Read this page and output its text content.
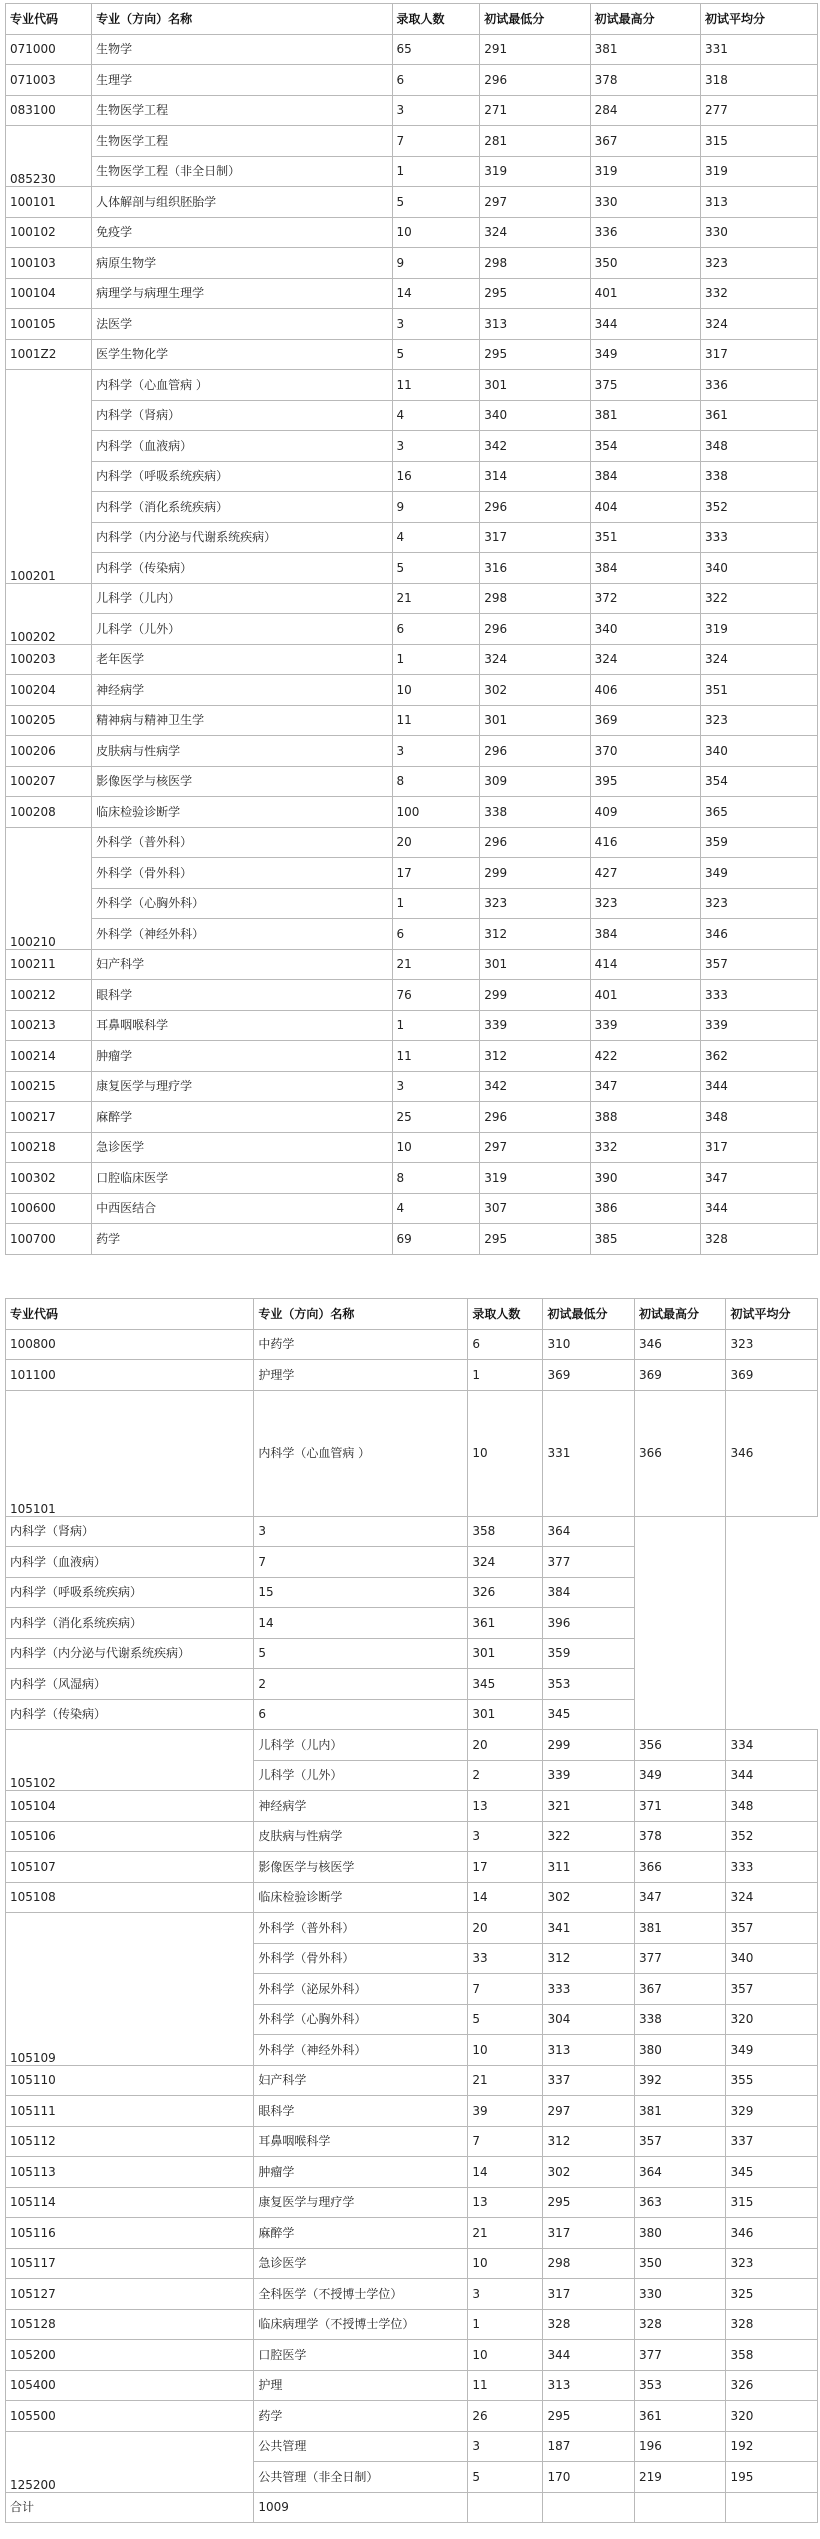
专业代码	专业（方向）名称	录取人数	初试最低分	初试最高分	初试平均分
071000	生物学	65	291	381	331
071003	生理学	6	296	378	318
083100	生物医学工程	3	271	284	277
085230	生物医学工程	7	281	367	315
	生物医学工程（非全日制）	1	319	319	319
100101	人体解剖与组织胚胎学	5	297	330	313
100102	免疫学	10	324	336	330
100103	病原生物学	9	298	350	323
100104	病理学与病理生理学	14	295	401	332
100105	法医学	3	313	344	324
1001Z2	医学生物化学	5	295	349	317
100201	内科学（心血管病 ）	11	301	375	336
	内科学（肾病）	4	340	381	361
	内科学（血液病）	3	342	354	348
	内科学（呼吸系统疾病）	16	314	384	338
	内科学（消化系统疾病）	9	296	404	352
	内科学（内分泌与代谢系统疾病）	4	317	351	333
	内科学（传染病）	5	316	384	340
100202	儿科学（儿内）	21	298	372	322
	儿科学（儿外）	6	296	340	319
100203	老年医学	1	324	324	324
100204	神经病学	10	302	406	351
100205	精神病与精神卫生学	11	301	369	323
100206	皮肤病与性病学	3	296	370	340
100207	影像医学与核医学	8	309	395	354
100208	临床检验诊断学	100	338	409	365
100210	外科学（普外科）	20	296	416	359
	外科学（骨外科）	17	299	427	349
	外科学（心胸外科）	1	323	323	323
	外科学（神经外科）	6	312	384	346
100211	妇产科学	21	301	414	357
100212	眼科学	76	299	401	333
100213	耳鼻咽喉科学	1	339	339	339
100214	肿瘤学	11	312	422	362
100215	康复医学与理疗学	3	342	347	344
100217	麻醉学	25	296	388	348
100218	急诊医学	10	297	332	317
100302	口腔临床医学	8	319	390	347
100600	中西医结合	4	307	386	344
100700	药学	69	295	385	328
专业代码	专业（方向）名称	录取人数	初试最低分	初试最高分	初试平均分
100800	中药学	6	310	346	323
101100	护理学	1	369	369	369
105101	内科学（心血管病 ）	10	331	366	346
内科学（肾病）	3	358	364		
内科学（血液病）	7	324	377		
内科学（呼吸系统疾病）	15	326	384		
内科学（消化系统疾病）	14	361	396		
内科学（内分泌与代谢系统疾病）	5	301	359		
内科学（风湿病）	2	345	353		
内科学（传染病）	6	301	345		
105102	儿科学（儿内）	20	299	356	334
	儿科学（儿外）	2	339	349	344
105104	神经病学	13	321	371	348
105106	皮肤病与性病学	3	322	378	352
105107	影像医学与核医学	17	311	366	333
105108	临床检验诊断学	14	302	347	324
105109	外科学（普外科）	20	341	381	357
	外科学（骨外科）	33	312	377	340
	外科学（泌尿外科）	7	333	367	357
	外科学（心胸外科）	5	304	338	320
	外科学（神经外科）	10	313	380	349
105110	妇产科学	21	337	392	355
105111	眼科学	39	297	381	329
105112	耳鼻咽喉科学	7	312	357	337
105113	肿瘤学	14	302	364	345
105114	康复医学与理疗学	13	295	363	315
105116	麻醉学	21	317	380	346
105117	急诊医学	10	298	350	323
105127	全科医学（不授博士学位）	3	317	330	325
105128	临床病理学（不授博士学位）	1	328	328	328
105200	口腔医学	10	344	377	358
105400	护理	11	313	353	326
105500	药学	26	295	361	320
125200	公共管理	3	187	196	192
	公共管理（非全日制）	5	170	219	195
合计	1009				
